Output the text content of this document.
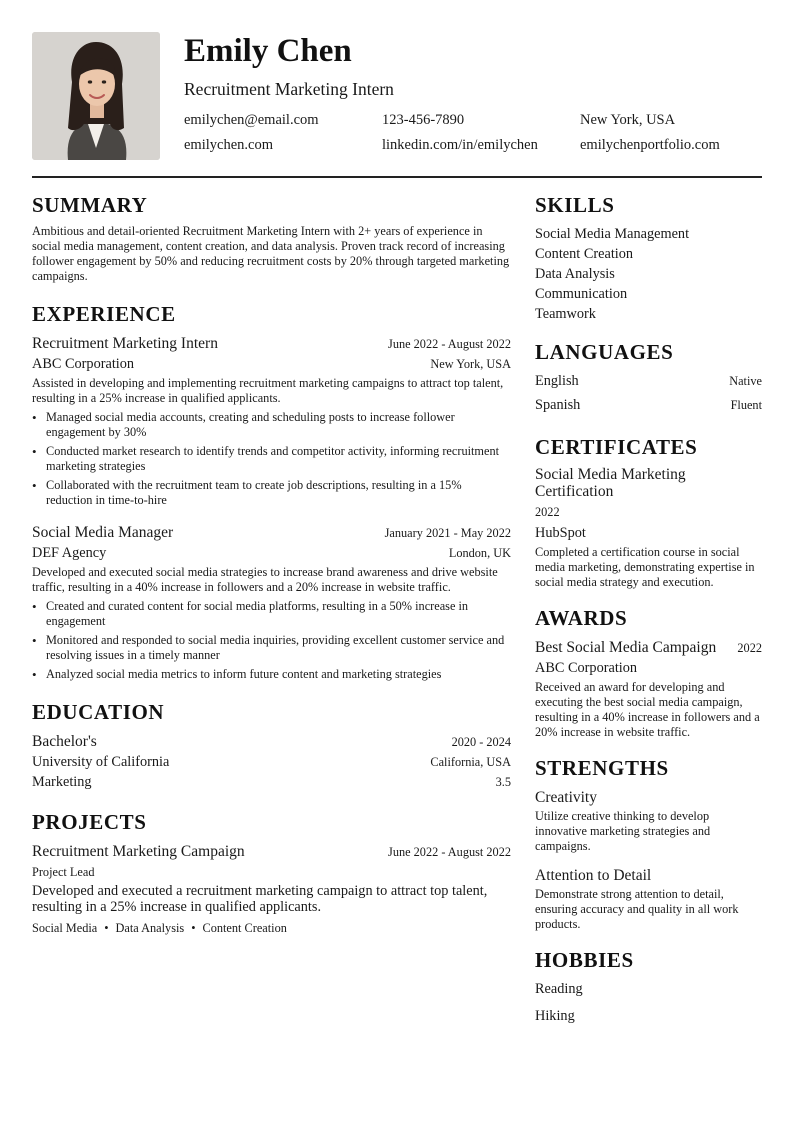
Emily Chen
Recruitment Marketing Intern
emilychen@email.com	123-456-7890	New York, USA
emilychen.com	linkedin.com/in/emilychen	emilychenportfolio.com
SUMMARY
Ambitious and detail-oriented Recruitment Marketing Intern with 2+ years of experience in social media management, content creation, and data analysis. Proven track record of increasing follower engagement by 50% and reducing recruitment costs by 20% through targeted marketing campaigns.
EXPERIENCE
Recruitment Marketing Intern	June 2022 - August 2022
ABC Corporation	New York, USA
Assisted in developing and implementing recruitment marketing campaigns to attract top talent, resulting in a 25% increase in qualified applicants.
• Managed social media accounts, creating and scheduling posts to increase follower engagement by 30%
• Conducted market research to identify trends and competitor activity, informing recruitment marketing strategies
• Collaborated with the recruitment team to create job descriptions, resulting in a 15% reduction in time-to-hire
Social Media Manager	January 2021 - May 2022
DEF Agency	London, UK
Developed and executed social media strategies to increase brand awareness and drive website traffic, resulting in a 40% increase in followers and a 20% increase in website traffic.
• Created and curated content for social media platforms, resulting in a 50% increase in engagement
• Monitored and responded to social media inquiries, providing excellent customer service and resolving issues in a timely manner
• Analyzed social media metrics to inform future content and marketing strategies
EDUCATION
Bachelor's	2020 - 2024
University of California	California, USA
Marketing	3.5
PROJECTS
Recruitment Marketing Campaign	June 2022 - August 2022
Project Lead
Developed and executed a recruitment marketing campaign to attract top talent, resulting in a 25% increase in qualified applicants.
Social Media • Data Analysis • Content Creation
SKILLS
Social Media Management
Content Creation
Data Analysis
Communication
Teamwork
LANGUAGES
English	Native
Spanish	Fluent
CERTIFICATES
Social Media Marketing Certification
2022
HubSpot
Completed a certification course in social media marketing, demonstrating expertise in social media strategy and execution.
AWARDS
Best Social Media Campaign 2022
ABC Corporation
Received an award for developing and executing the best social media campaign, resulting in a 40% increase in followers and a 20% increase in website traffic.
STRENGTHS
Creativity
Utilize creative thinking to develop innovative marketing strategies and campaigns.
Attention to Detail
Demonstrate strong attention to detail, ensuring accuracy and quality in all work products.
HOBBIES
Reading
Hiking
